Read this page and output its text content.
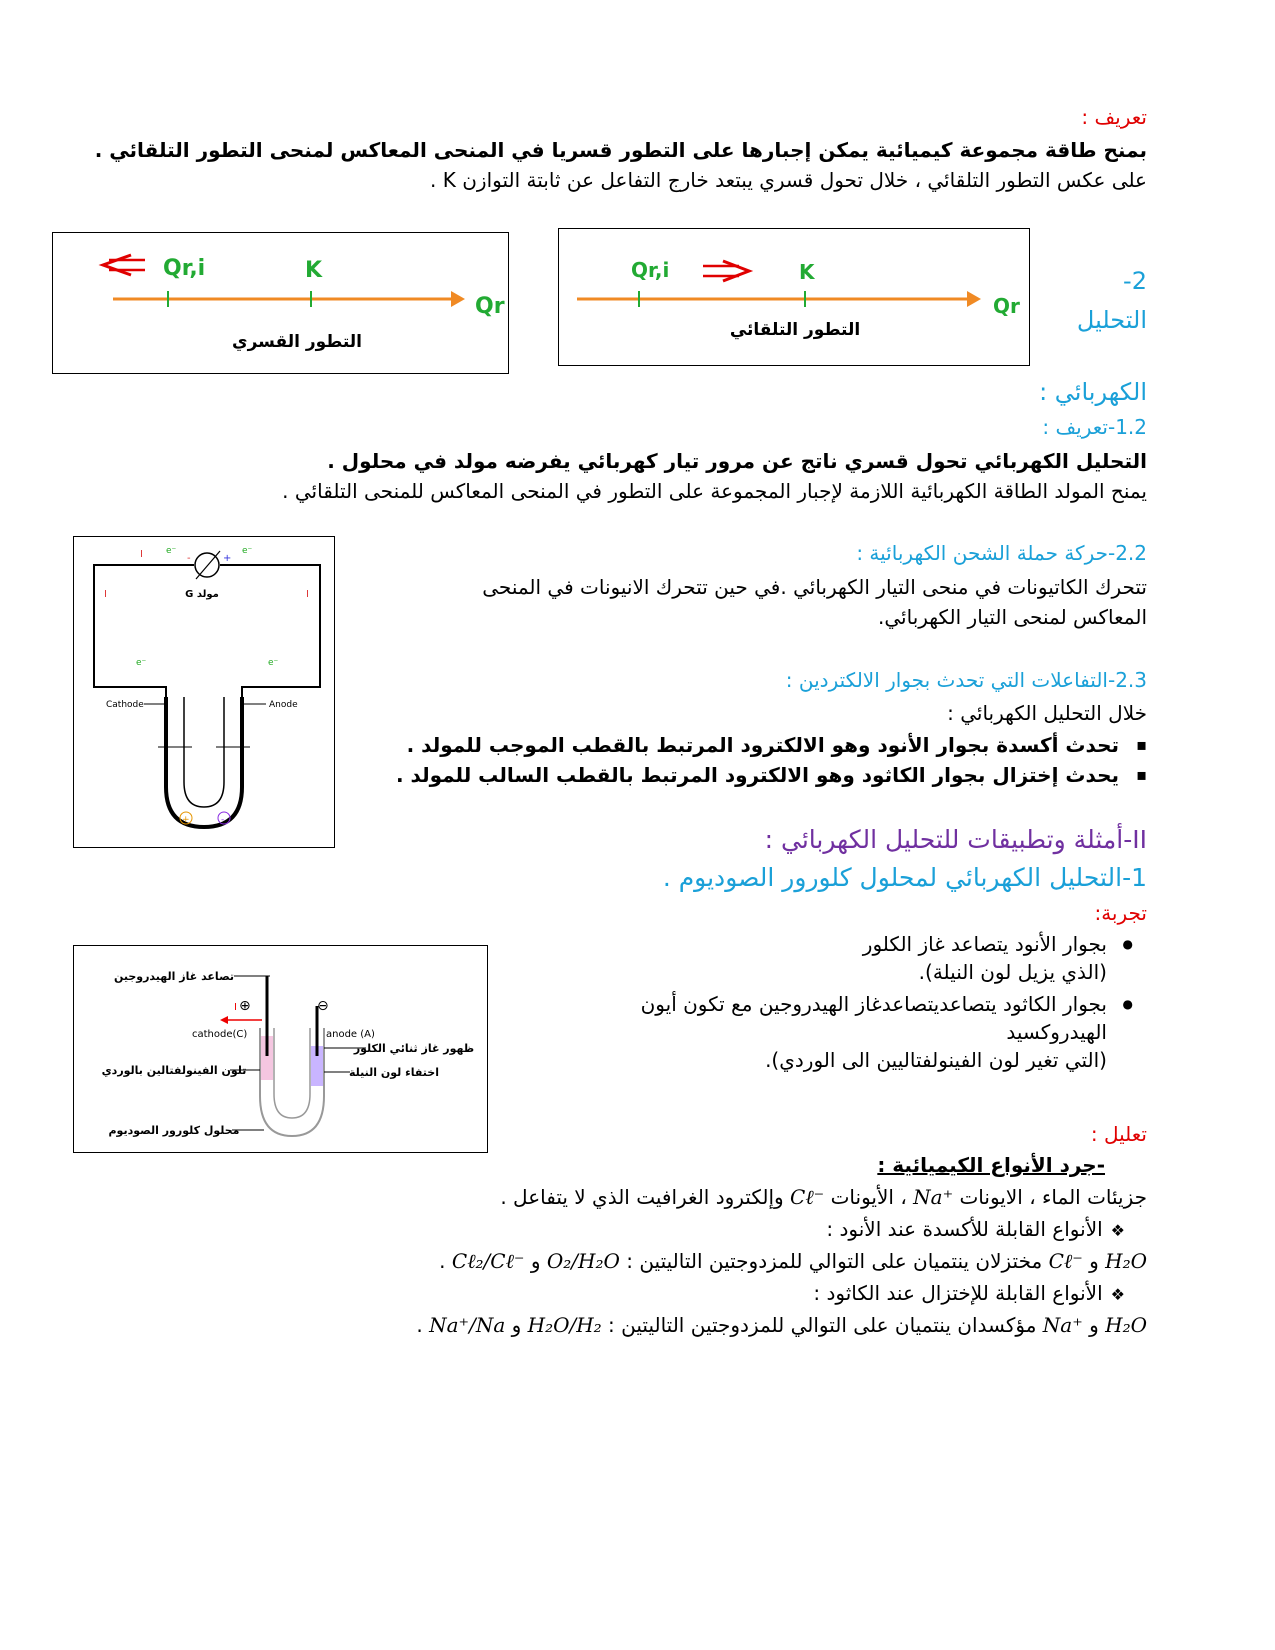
تعريف :
بمنح طاقة مجموعة كيميائية يمكن إجبارها على التطور قسريا في المنحى المعاكس لمنحى التطور التلقائي .
على عكس التطور التلقائي ، خلال تحول قسري يبتعد خارج التفاعل عن ثابتة التوازن K .
Qr,i	K
Qr
التطور القسري
Qr,i	K
Qr
التطور التلقائي
2-
التحليل
الكهربائي :
1.2-تعريف :
التحليل الكهربائي تحول قسري ناتج عن مرور تيار كهربائي يفرضه مولد في محلول .
يمنح المولد الطاقة الكهربائية اللازمة لإجبار المجموعة على التطور في المنحى المعاكس للمنحى التلقائي .
2.2-حركة حملة الشحن الكهربائية :
تتحرك الكاتيونات في منحى التيار الكهربائي .في حين تتحرك الانيونات في المنحى
المعاكس لمنحى التيار الكهربائي.
2.3-التفاعلات التي تحدث بجوار الالكتردين :
خلال التحليل الكهربائي :
▪ تحدث أكسدة بجوار الأنود وهو الالكترود المرتبط بالقطب الموجب للمولد .
▪ يحدث إختزال بجوار الكاثود وهو الالكترود المرتبط بالقطب السالب للمولد .
مولد G
-	+
I
I	I
e⁻	e⁻
e⁻	e⁻
Cathode	Anode
+	-
II-أمثلة وتطبيقات للتحليل الكهربائي :
1-التحليل الكهربائي لمحلول كلورور الصوديوم .
تجربة:
● بجوار الأنود يتصاعد غاز الكلور
(الذي يزيل لون النيلة).
● بجوار الكاثود يتصاعديتصاعدغاز الهيدروجين مع تكون أيون
الهيدروكسيد
(التي تغير لون الفينولفتاليين الى الوردي).
تصاعد غاز الهيدروجين
I ⊕	⊖
cathode(C)	anode (A)
ظهور غاز ثنائي الكلور
تلون الفينولفتالين بالوردي	اختفاء لون النيلة
محلول كلورور الصوديوم	تعليل :
-جرد الأنواع الكيميائية :
جزيئات الماء ، الايونات Na⁺ ، الأيونات Cℓ⁻ وإلكترود الغرافيت الذي لا يتفاعل .
❖الأنواع القابلة للأكسدة عند الأنود :
H₂O و Cℓ⁻ مختزلان ينتميان على التوالي للمزدوجتين التاليتين : O₂/H₂O و Cℓ₂/Cℓ⁻ .
❖الأنواع القابلة للإختزال عند الكاثود :
H₂O و Na⁺ مؤكسدان ينتميان على التوالي للمزدوجتين التاليتين : H₂O/H₂ و Na⁺/Na .
